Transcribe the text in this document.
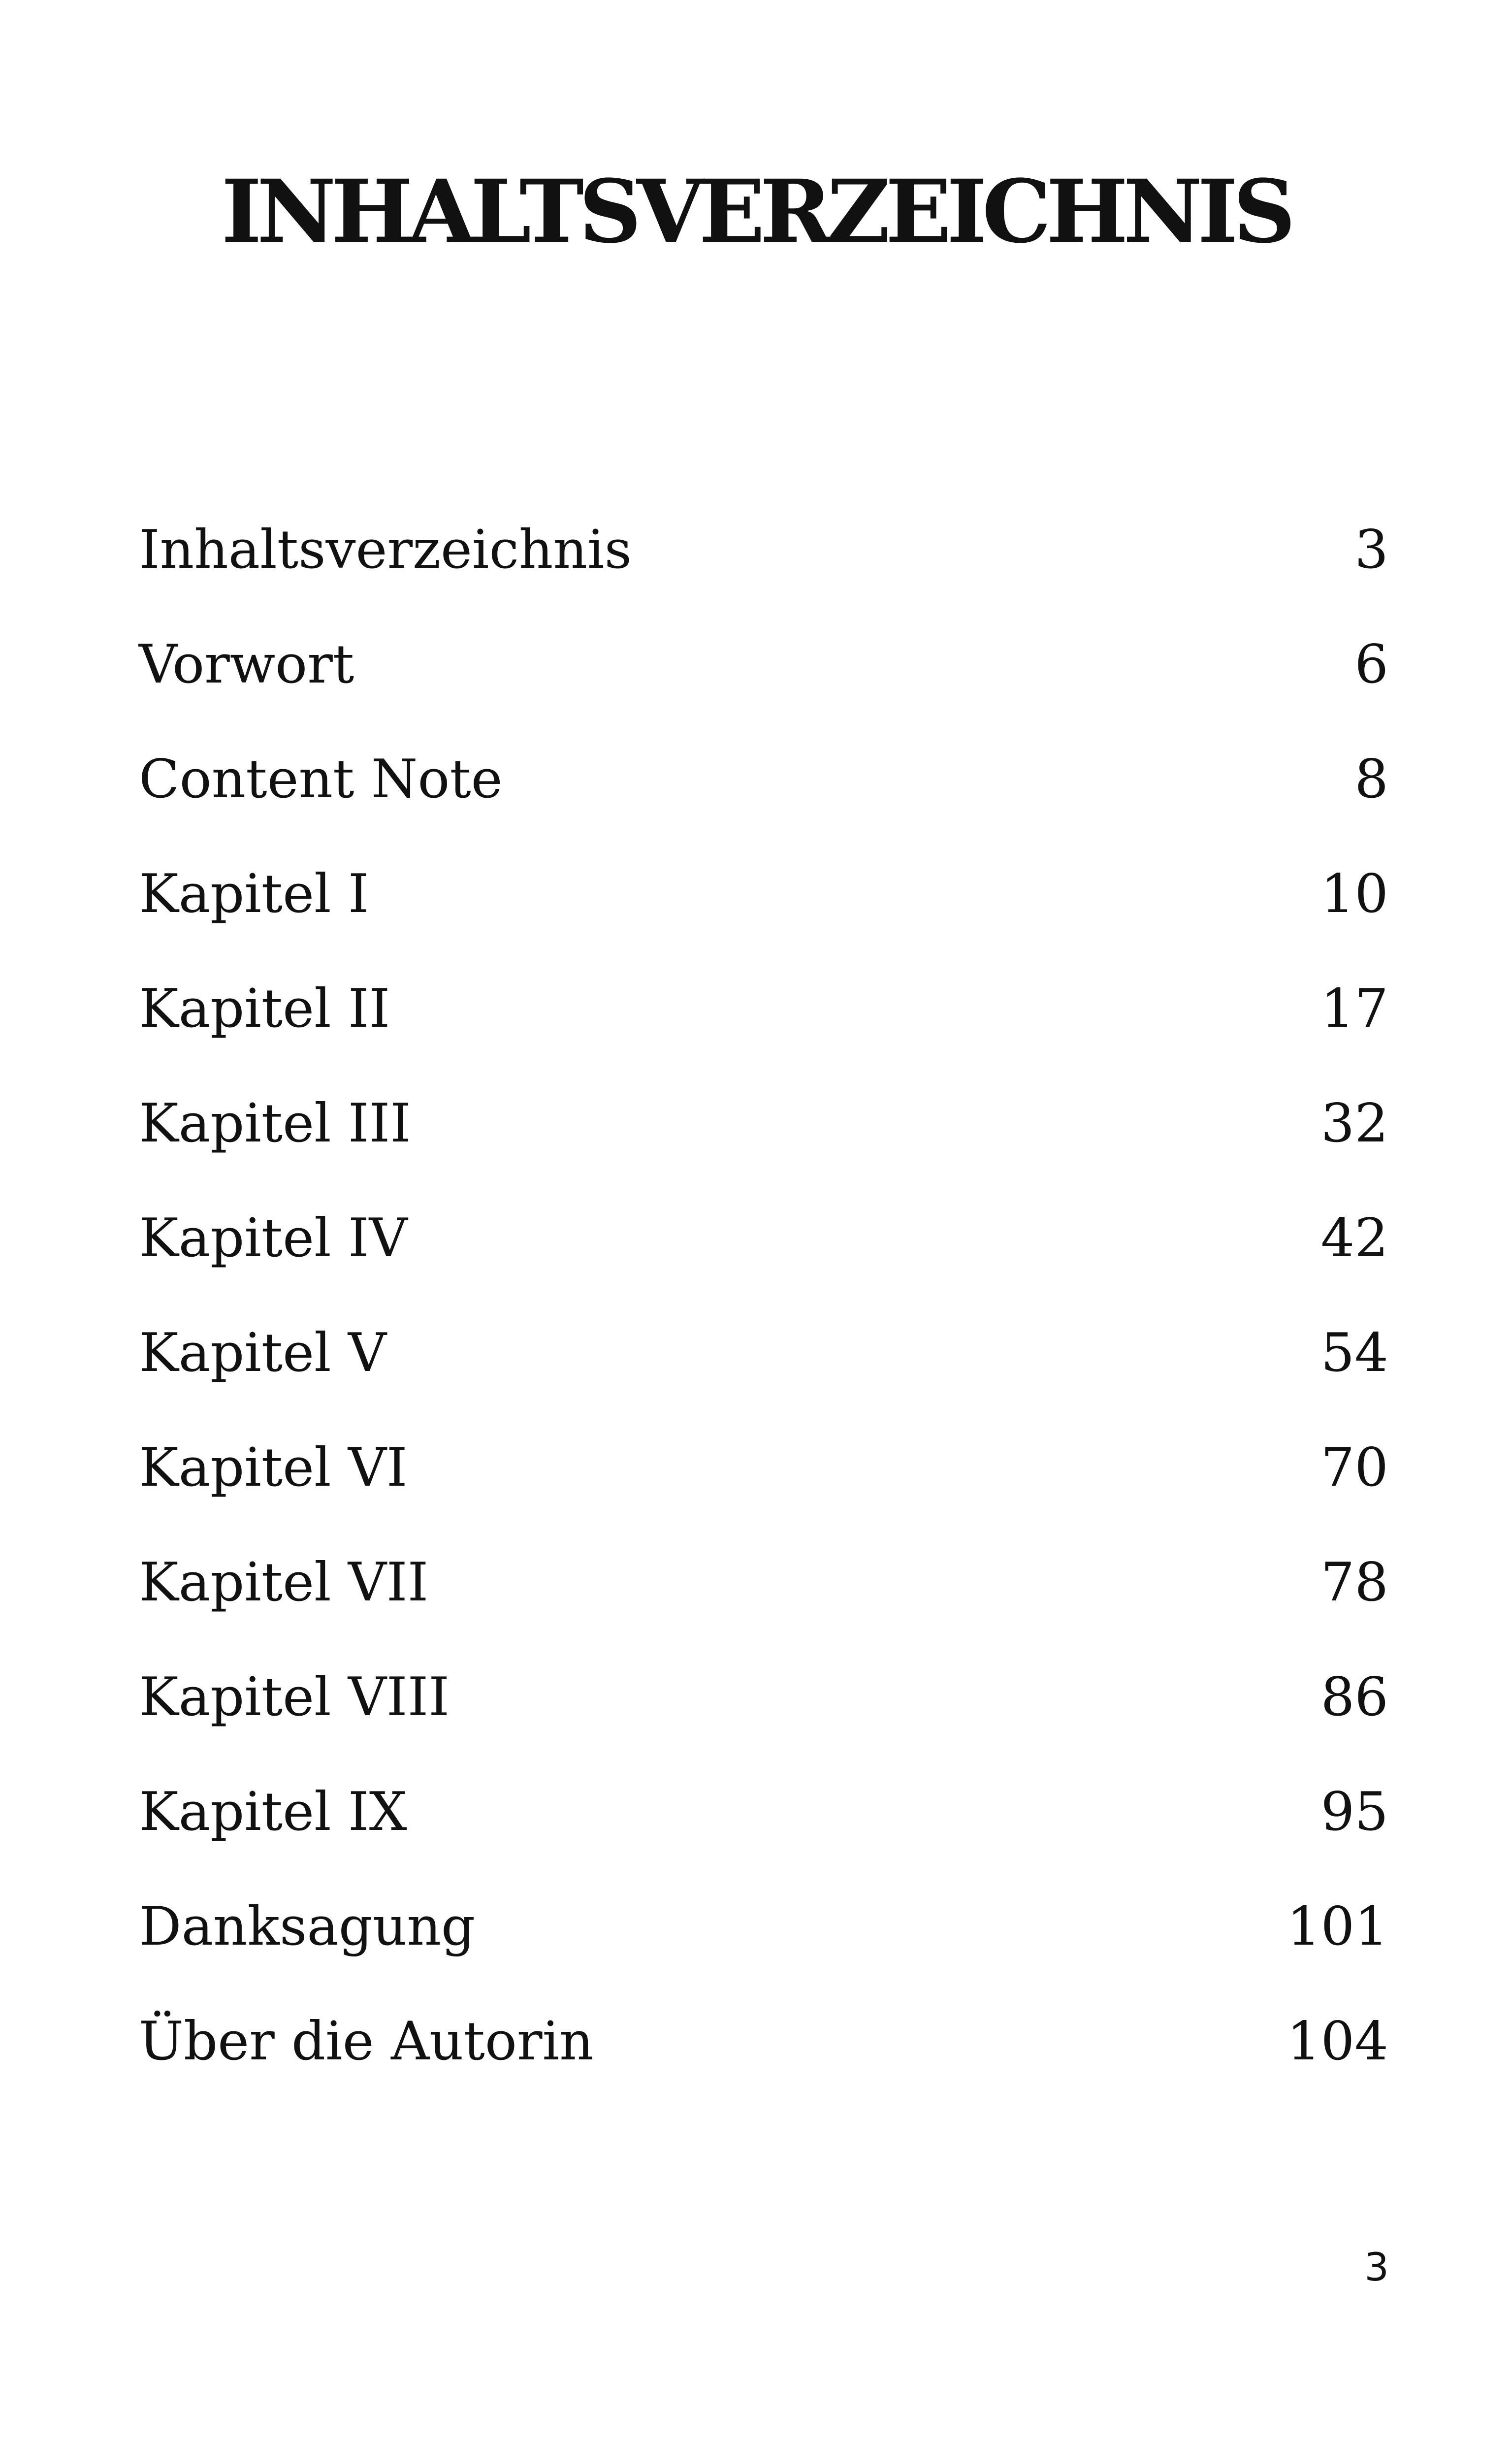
INHALTSVERZEICHNIS
Inhaltsverzeichnis	3
Vorwort	6
Content Note	8
Kapitel I	10
Kapitel II	17
Kapitel III	32
Kapitel IV	42
Kapitel V	54
Kapitel VI	70
Kapitel VII	78
Kapitel VIII	86
Kapitel IX	95
Danksagung	101
Über die Autorin	104
3
